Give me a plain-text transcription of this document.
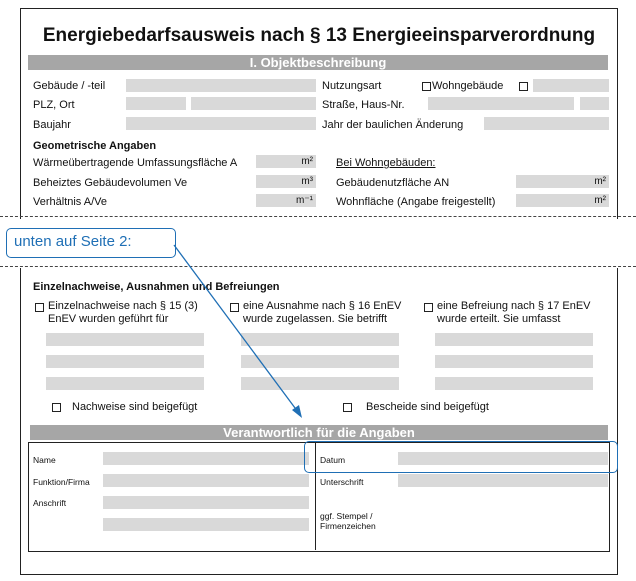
Energiebedarfsausweis nach § 13 Energieeinsparverordnung
I. Objektbeschreibung
Gebäude / -teil	Nutzungsart	Wohngebäude
PLZ, Ort	Straße, Haus-Nr.
Baujahr	Jahr der baulichen Änderung
Geometrische Angaben
Wärmeübertragende Umfassungsfläche A	m² Bei Wohngebäuden:
Beheiztes Gebäudevolumen Ve	m³ Gebäudenutzfläche AN	m²
Verhältnis A/Ve	m⁻¹ Wohnfläche (Angabe freigestellt)	m²
unten auf Seite 2:
Einzelnachweise, Ausnahmen und Befreiungen
Einzelnachweise nach § 15 (3) EnEV wurden geführt für
eine Ausnahme nach § 16 EnEV wurde zugelassen. Sie betrifft
eine Befreiung nach § 17 EnEV wurde erteilt. Sie umfasst
Nachweise sind beigefügt	Bescheide sind beigefügt
Verantwortlich für die Angaben
Name
Funktion/Firma
Anschrift
Datum
Unterschrift
ggf. Stempel / Firmenzeichen
